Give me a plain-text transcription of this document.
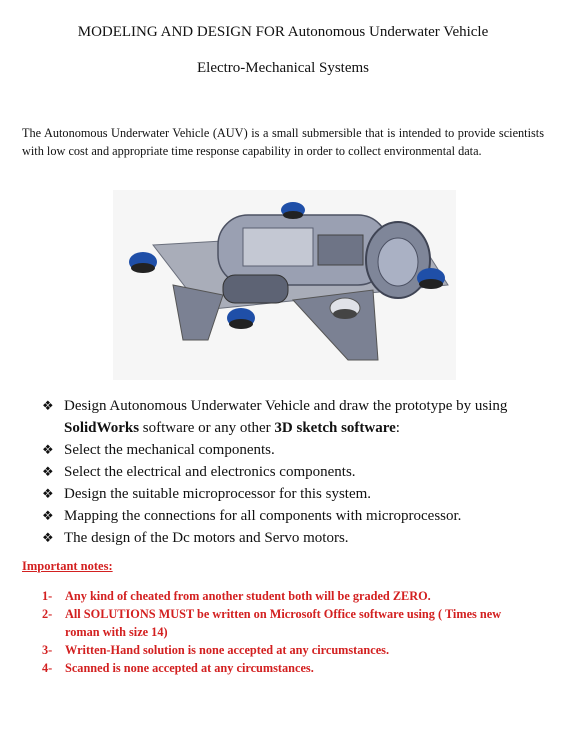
MODELING AND DESIGN FOR Autonomous Underwater Vehicle
Electro-Mechanical Systems

The Autonomous Underwater Vehicle (AUV) is a small submersible that is intended to provide scientists with low cost and appropriate time response capability in order to collect environmental data.

❖ Design Autonomous Underwater Vehicle and draw the prototype by using SolidWorks software or any other 3D sketch software:
❖ Select the mechanical components.
❖ Select the electrical and electronics components.
❖ Design the suitable microprocessor for this system.
❖ Mapping the connections for all components with microprocessor.
❖ The design of the Dc motors and Servo motors.
Important notes:
1- Any kind of cheated from another student both will be graded ZERO.
2- All SOLUTIONS MUST be written on Microsoft Office software using ( Times new roman with size 14)
3- Written-Hand solution is none accepted at any circumstances.
4- Scanned is none accepted at any circumstances.
